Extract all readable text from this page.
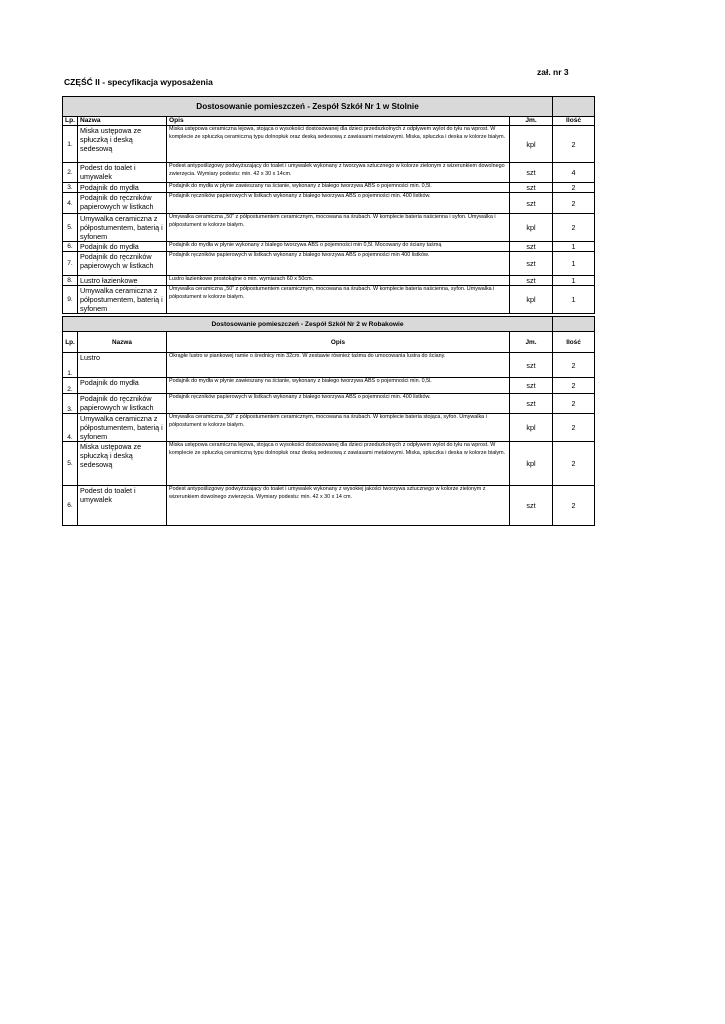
zał. nr 3
CZĘŚĆ II - specyfikacja wyposażenia
Dostosowanie pomieszczeń - Zespół Szkół Nr 1 w Stolnie				
Lp.	Nazwa	Opis	Jm.	Ilość
1.	Miska ustępowa ze spłuczką i deską sedesową	Miska ustępowa ceramiczna lejowa, stojąca o wysokości dostosowanej dla dzieci przedszkolnych z odpływem wylot do tyłu na wprost. W komplecie ze spłuczką ceramiczną typu dolnopłuk oraz deską sedesową z zawiasami metalowymi. Miska, spłuczka i deska w kolorze białym.	kpl	2
2.	Podest do toalet i umywalek	Podest antypoślizgowy podwyższający do toalet i umywalek wykonany z tworzywa sztucznego w kolorze zielonym z wizerunkiem dowolnego zwierzęcia. Wymiary podestu: min. 42 x 30 x 14cm.	szt	4
3.	Podajnik do mydła	Podajnik do mydła w płynie zawieszany na ścianie, wykonany z białego tworzywa ABS o pojemności min. 0,5l.	szt	2
4.	Podajnik do ręczników papierowych w listkach	Podajnik ręczników papierowych w listkach wykonany z białego tworzywa ABS o pojemności min. 400 listków.	szt	2
5.	Umywalka ceramiczna z półpostumentem, baterią i syfonem	Umywalka ceramiczna „50” z półpostumentem ceramicznym, mocowana na śrubach. W komplecie bateria naścienna i syfon. Umywalka i półpostument w kolorze białym.	kpl	2
6.	Podajnik do mydła	Podajnik do mydła w płynie wykonany z białego tworzywa ABS o pojemności min 0,5l. Mocowany do ściany taśmą	szt	1
7.	Podajnik do ręczników papierowych w listkach	Podajnik ręczników papierowych w listkach wykonany z białego tworzywa ABS o pojemności min 400 listków.	szt	1
8.	Lustro łazienkowe	Lustro łazienkowe prostokątne o min. wymiarach 60 x 50cm.	szt	1
9.	Umywalka ceramiczna z półpostumentem, baterią i syfonem	Umywalka ceramiczna „50” z półpostumentem ceramicznym, mocowana na śrubach. W komplecie bateria naścienna, syfon. Umywalka i półpostument w kolorze białym.	kpl	1
Dostosowanie pomieszczeń - Zespół Szkół Nr 2 w Robakowie				
Lp.	Nazwa	Opis	Jm.	Ilość
1.	Lustro	Okrągłe lustro w piankowej ramie o średnicy min 32cm. W zestawie również taśma do umocowania lustra do ściany.	szt	2
2.	Podajnik do mydła	Podajnik do mydła w płynie zawieszany na ścianie, wykonany z białego tworzywa ABS o pojemności min. 0,5l.	szt	2
3.	Podajnik do ręczników papierowych w listkach	Podajnik ręczników papierowych w listkach wykonany z białego tworzywa ABS o pojemności min. 400 listków.	szt	2
4.	Umywalka ceramiczna z półpostumentem, baterią i syfonem	Umywalka ceramiczna „50” z półpostumentem ceramicznym, mocowana na śrubach. W komplecie bateria stojąca, syfon. Umywalka i półpostument w kolorze białym.	kpl	2
5.	Miska ustępowa ze spłuczką i deską sedesową	Miska ustępowa ceramiczna lejowa, stojąca o wysokości dostosowanej dla dzieci przedszkolnych z odpływem wylot do tyłu na wprost. W komplecie ze spłuczką ceramiczną typu dolnopłuk oraz deską sedesową z zawiasami metalowymi. Miska, spłuczka i deska w kolorze białym.	kpl	2
6.	Podest do toalet i umywalek	Podest antypoślizgowy podwyższający do toalet i umywalek wykonany z wysokiej jakości tworzywa sztucznego w kolorze zielonym z wizerunkiem dowolnego zwierzęcia. Wymiary podestu: min. 42 x 30 x 14 cm.	szt	2
